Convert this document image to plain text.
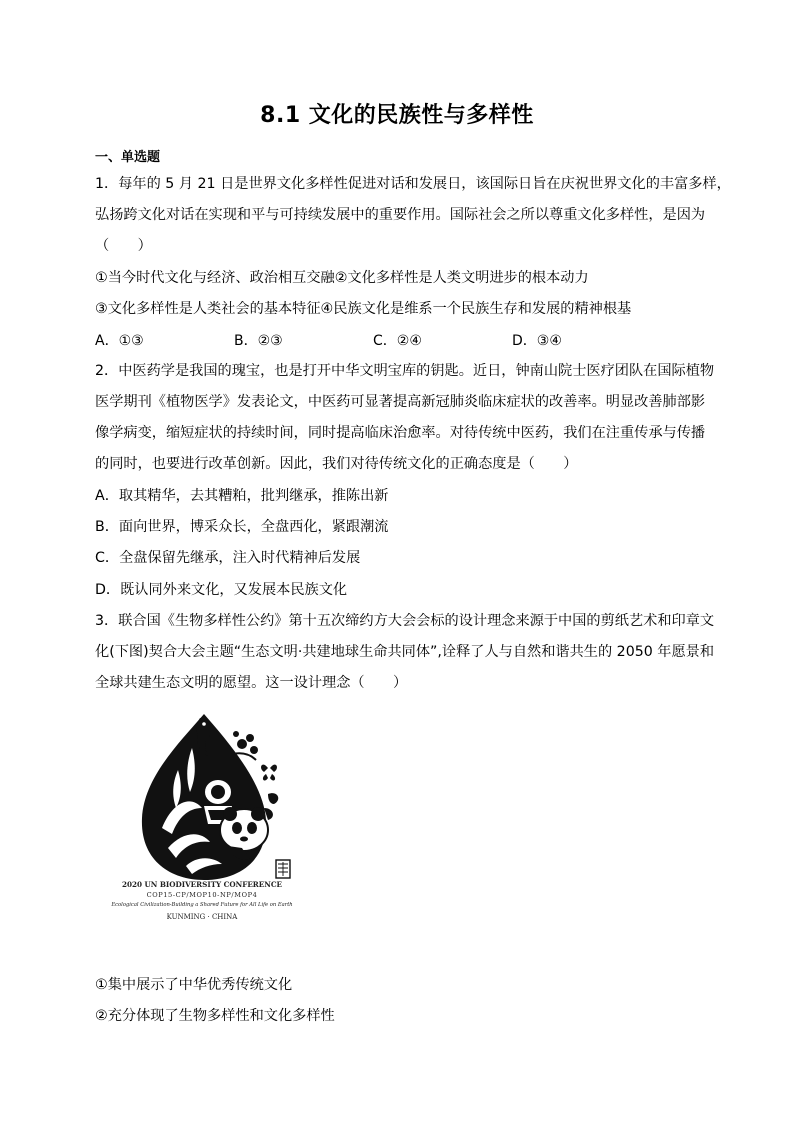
8.1 文化的民族性与多样性
一、单选题
1．每年的 5 月 21 日是世界文化多样性促进对话和发展日，该国际日旨在庆祝世界文化的丰富多样，
弘扬跨文化对话在实现和平与可持续发展中的重要作用。国际社会之所以尊重文化多样性，是因为
（　　）
①当今时代文化与经济、政治相互交融②文化多样性是人类文明进步的根本动力
③文化多样性是人类社会的基本特征④民族文化是维系一个民族生存和发展的精神根基
A．①③	B．②③	C．②④	D．③④
2．中医药学是我国的瑰宝，也是打开中华文明宝库的钥匙。近日，钟南山院士医疗团队在国际植物
医学期刊《植物医学》发表论文，中医药可显著提高新冠肺炎临床症状的改善率。明显改善肺部影
像学病变，缩短症状的持续时间，同时提高临床治愈率。对待传统中医药，我们在注重传承与传播
的同时，也要进行改革创新。因此，我们对待传统文化的正确态度是（　　）
A．取其精华，去其糟粕，批判继承，推陈出新
B．面向世界，博采众长，全盘西化，紧跟潮流
C．全盘保留先继承，注入时代精神后发展
D．既认同外来文化，又发展本民族文化
3．联合国《生物多样性公约》第十五次缔约方大会会标的设计理念来源于中国的剪纸艺术和印章文
化(下图)契合大会主题“生态文明·共建地球生命共同体”,诠释了人与自然和谐共生的 2050 年愿景和
全球共建生态文明的愿望。这一设计理念（　　）
2020 UN BIODIVERSITY CONFERENCE
COP15-CP/MOP10-NP/MOP4
Ecological Civilization-Building a Shared Future for All Life on Earth
KUNMING · CHINA
①集中展示了中华优秀传统文化
②充分体现了生物多样性和文化多样性
